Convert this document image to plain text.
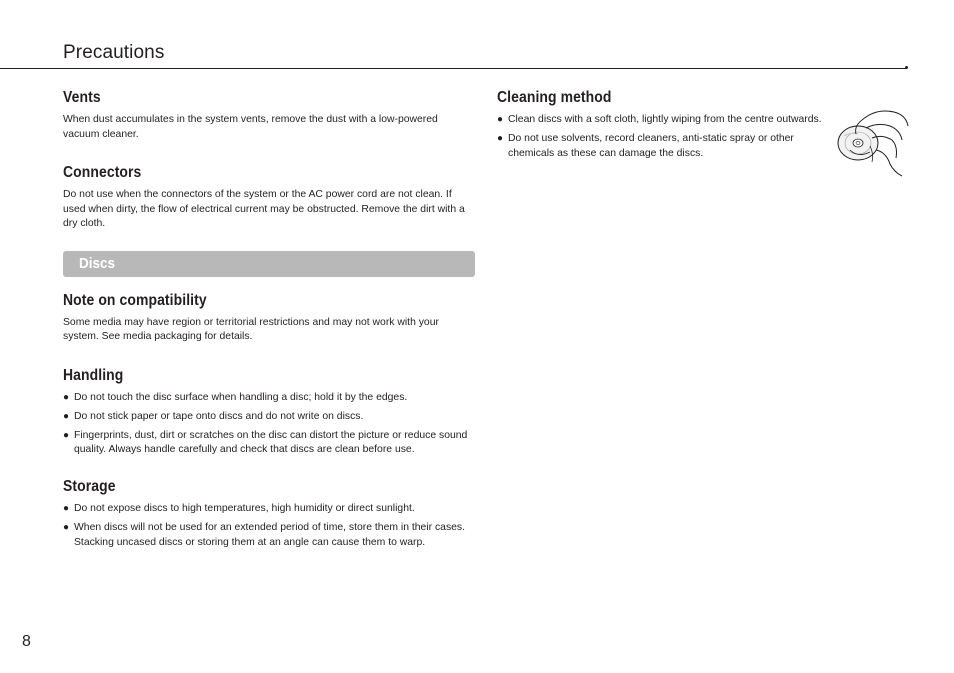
Precautions
Vents

When dust accumulates in the system vents, remove the dust with a low-powered vacuum cleaner.

Connectors

Do not use when the connectors of the system or the AC power cord are not clean. If used when dirty, the flow of electrical current may be obstructed. Remove the dirt with a dry cloth.

Discs
Note on compatibility

Some media may have region or territorial restrictions and may not work with your system. See media packaging for details.

Handling
● Do not touch the disc surface when handling a disc; hold it by the edges.
● Do not stick paper or tape onto discs and do not write on discs.
● Fingerprints, dust, dirt or scratches on the disc can distort the picture or reduce sound quality. Always handle carefully and check that discs are clean before use.
Storage
● Do not expose discs to high temperatures, high humidity or direct sunlight.
● When discs will not be used for an extended period of time, store them in their cases. Stacking uncased discs or storing them at an angle can cause them to warp.
Cleaning method
● Clean discs with a soft cloth, lightly wiping from the centre outwards.
● Do not use solvents, record cleaners, anti-static spray or other chemicals as these can damage the discs.
8
